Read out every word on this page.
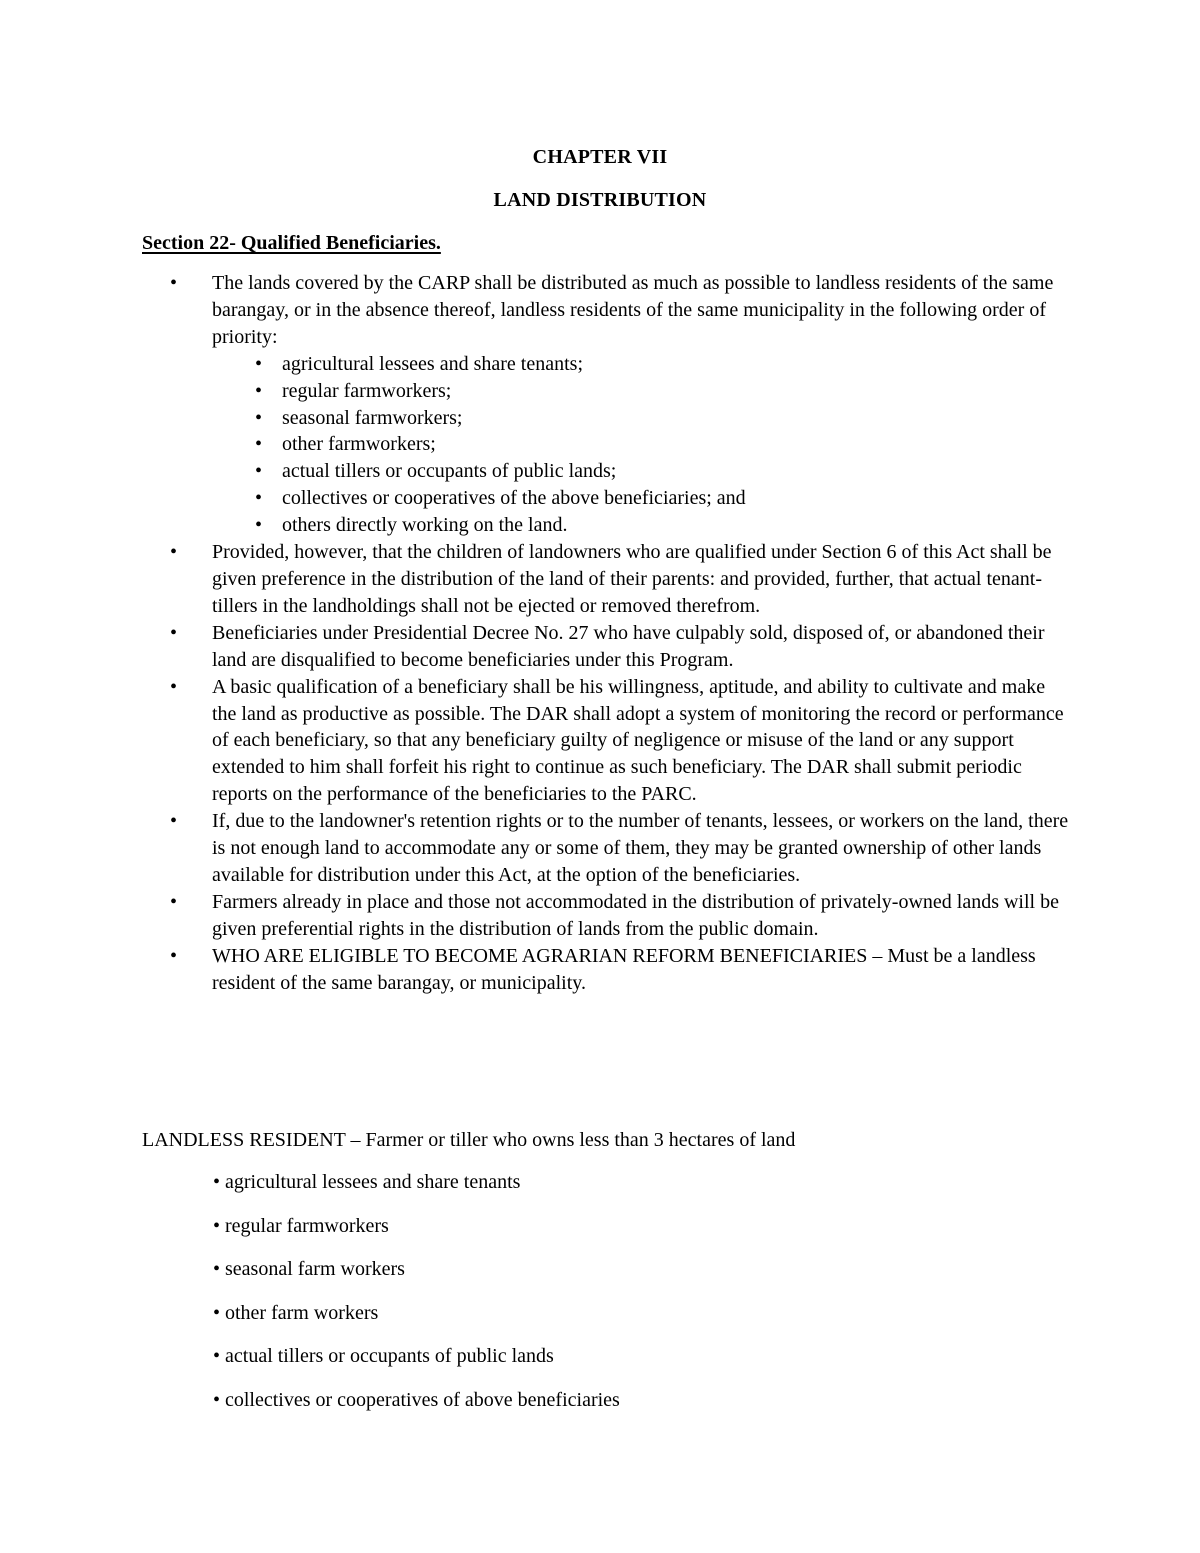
CHAPTER VII
LAND DISTRIBUTION
Section 22- Qualified Beneficiaries.
• The lands covered by the CARP shall be distributed as much as possible to landless residents of the same barangay, or in the absence thereof, landless residents of the same municipality in the following order of priority:
• agricultural lessees and share tenants;
• regular farmworkers;
• seasonal farmworkers;
• other farmworkers;
• actual tillers or occupants of public lands;
• collectives or cooperatives of the above beneficiaries; and
• others directly working on the land.
• Provided, however, that the children of landowners who are qualified under Section 6 of this Act shall be given preference in the distribution of the land of their parents: and provided, further, that actual tenant-tillers in the landholdings shall not be ejected or removed therefrom.
• Beneficiaries under Presidential Decree No. 27 who have culpably sold, disposed of, or abandoned their land are disqualified to become beneficiaries under this Program.
• A basic qualification of a beneficiary shall be his willingness, aptitude, and ability to cultivate and make the land as productive as possible. The DAR shall adopt a system of monitoring the record or performance of each beneficiary, so that any beneficiary guilty of negligence or misuse of the land or any support extended to him shall forfeit his right to continue as such beneficiary. The DAR shall submit periodic reports on the performance of the beneficiaries to the PARC.
• If, due to the landowner's retention rights or to the number of tenants, lessees, or workers on the land, there is not enough land to accommodate any or some of them, they may be granted ownership of other lands available for distribution under this Act, at the option of the beneficiaries.
• Farmers already in place and those not accommodated in the distribution of privately-owned lands will be given preferential rights in the distribution of lands from the public domain.
• WHO ARE ELIGIBLE TO BECOME AGRARIAN REFORM BENEFICIARIES – Must be a landless resident of the same barangay, or municipality.
LANDLESS RESIDENT – Farmer or tiller who owns less than 3 hectares of land
• agricultural lessees and share tenants
• regular farmworkers
• seasonal farm workers
• other farm workers
• actual tillers or occupants of public lands
• collectives or cooperatives of above beneficiaries
